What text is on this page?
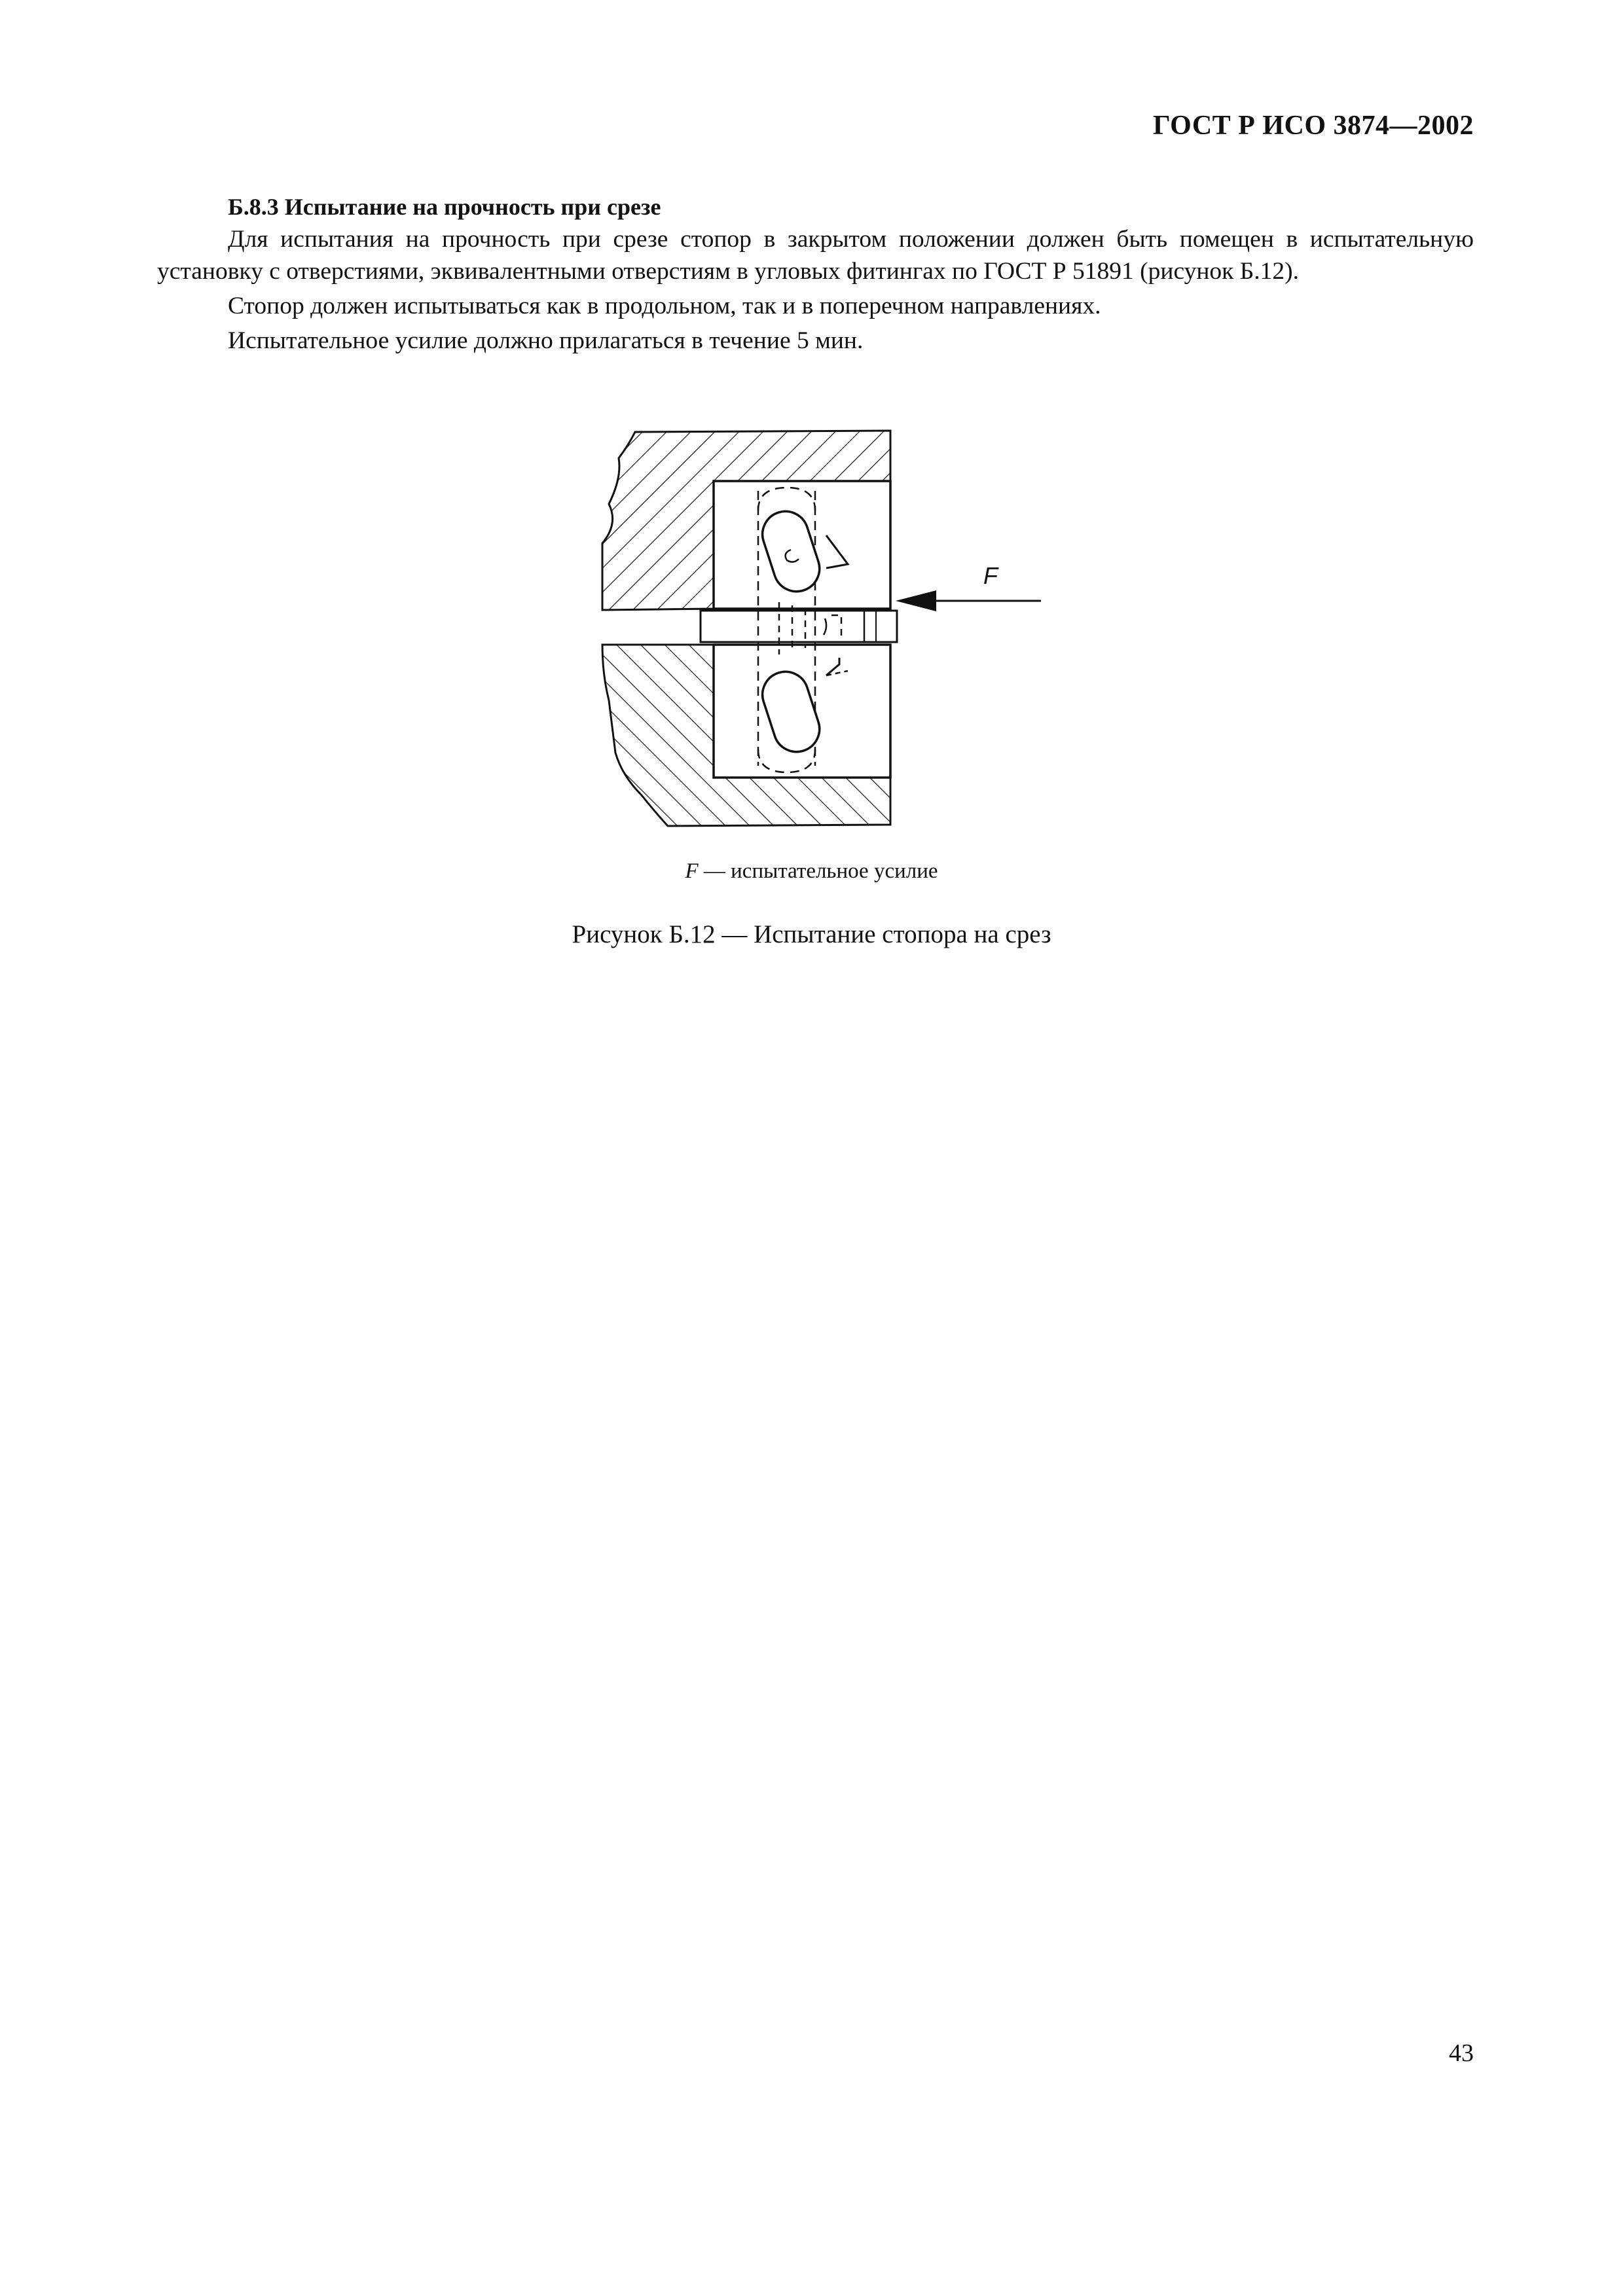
ГОСТ Р ИСО 3874—2002
Б.8.3 Испытание на прочность при срезе

Для испытания на прочность при срезе стопор в закрытом положении должен быть помещен в испытательную установку с отверстиями, эквивалентными отверстиям в угловых фитингах по ГОСТ Р 51891 (рисунок Б.12).

Стопор должен испытываться как в продольном, так и в поперечном направлениях.

Испытательное усилие должно прилагаться в течение 5 мин.

F
F — испытательное усилие
Рисунок Б.12 — Испытание стопора на срез
43
